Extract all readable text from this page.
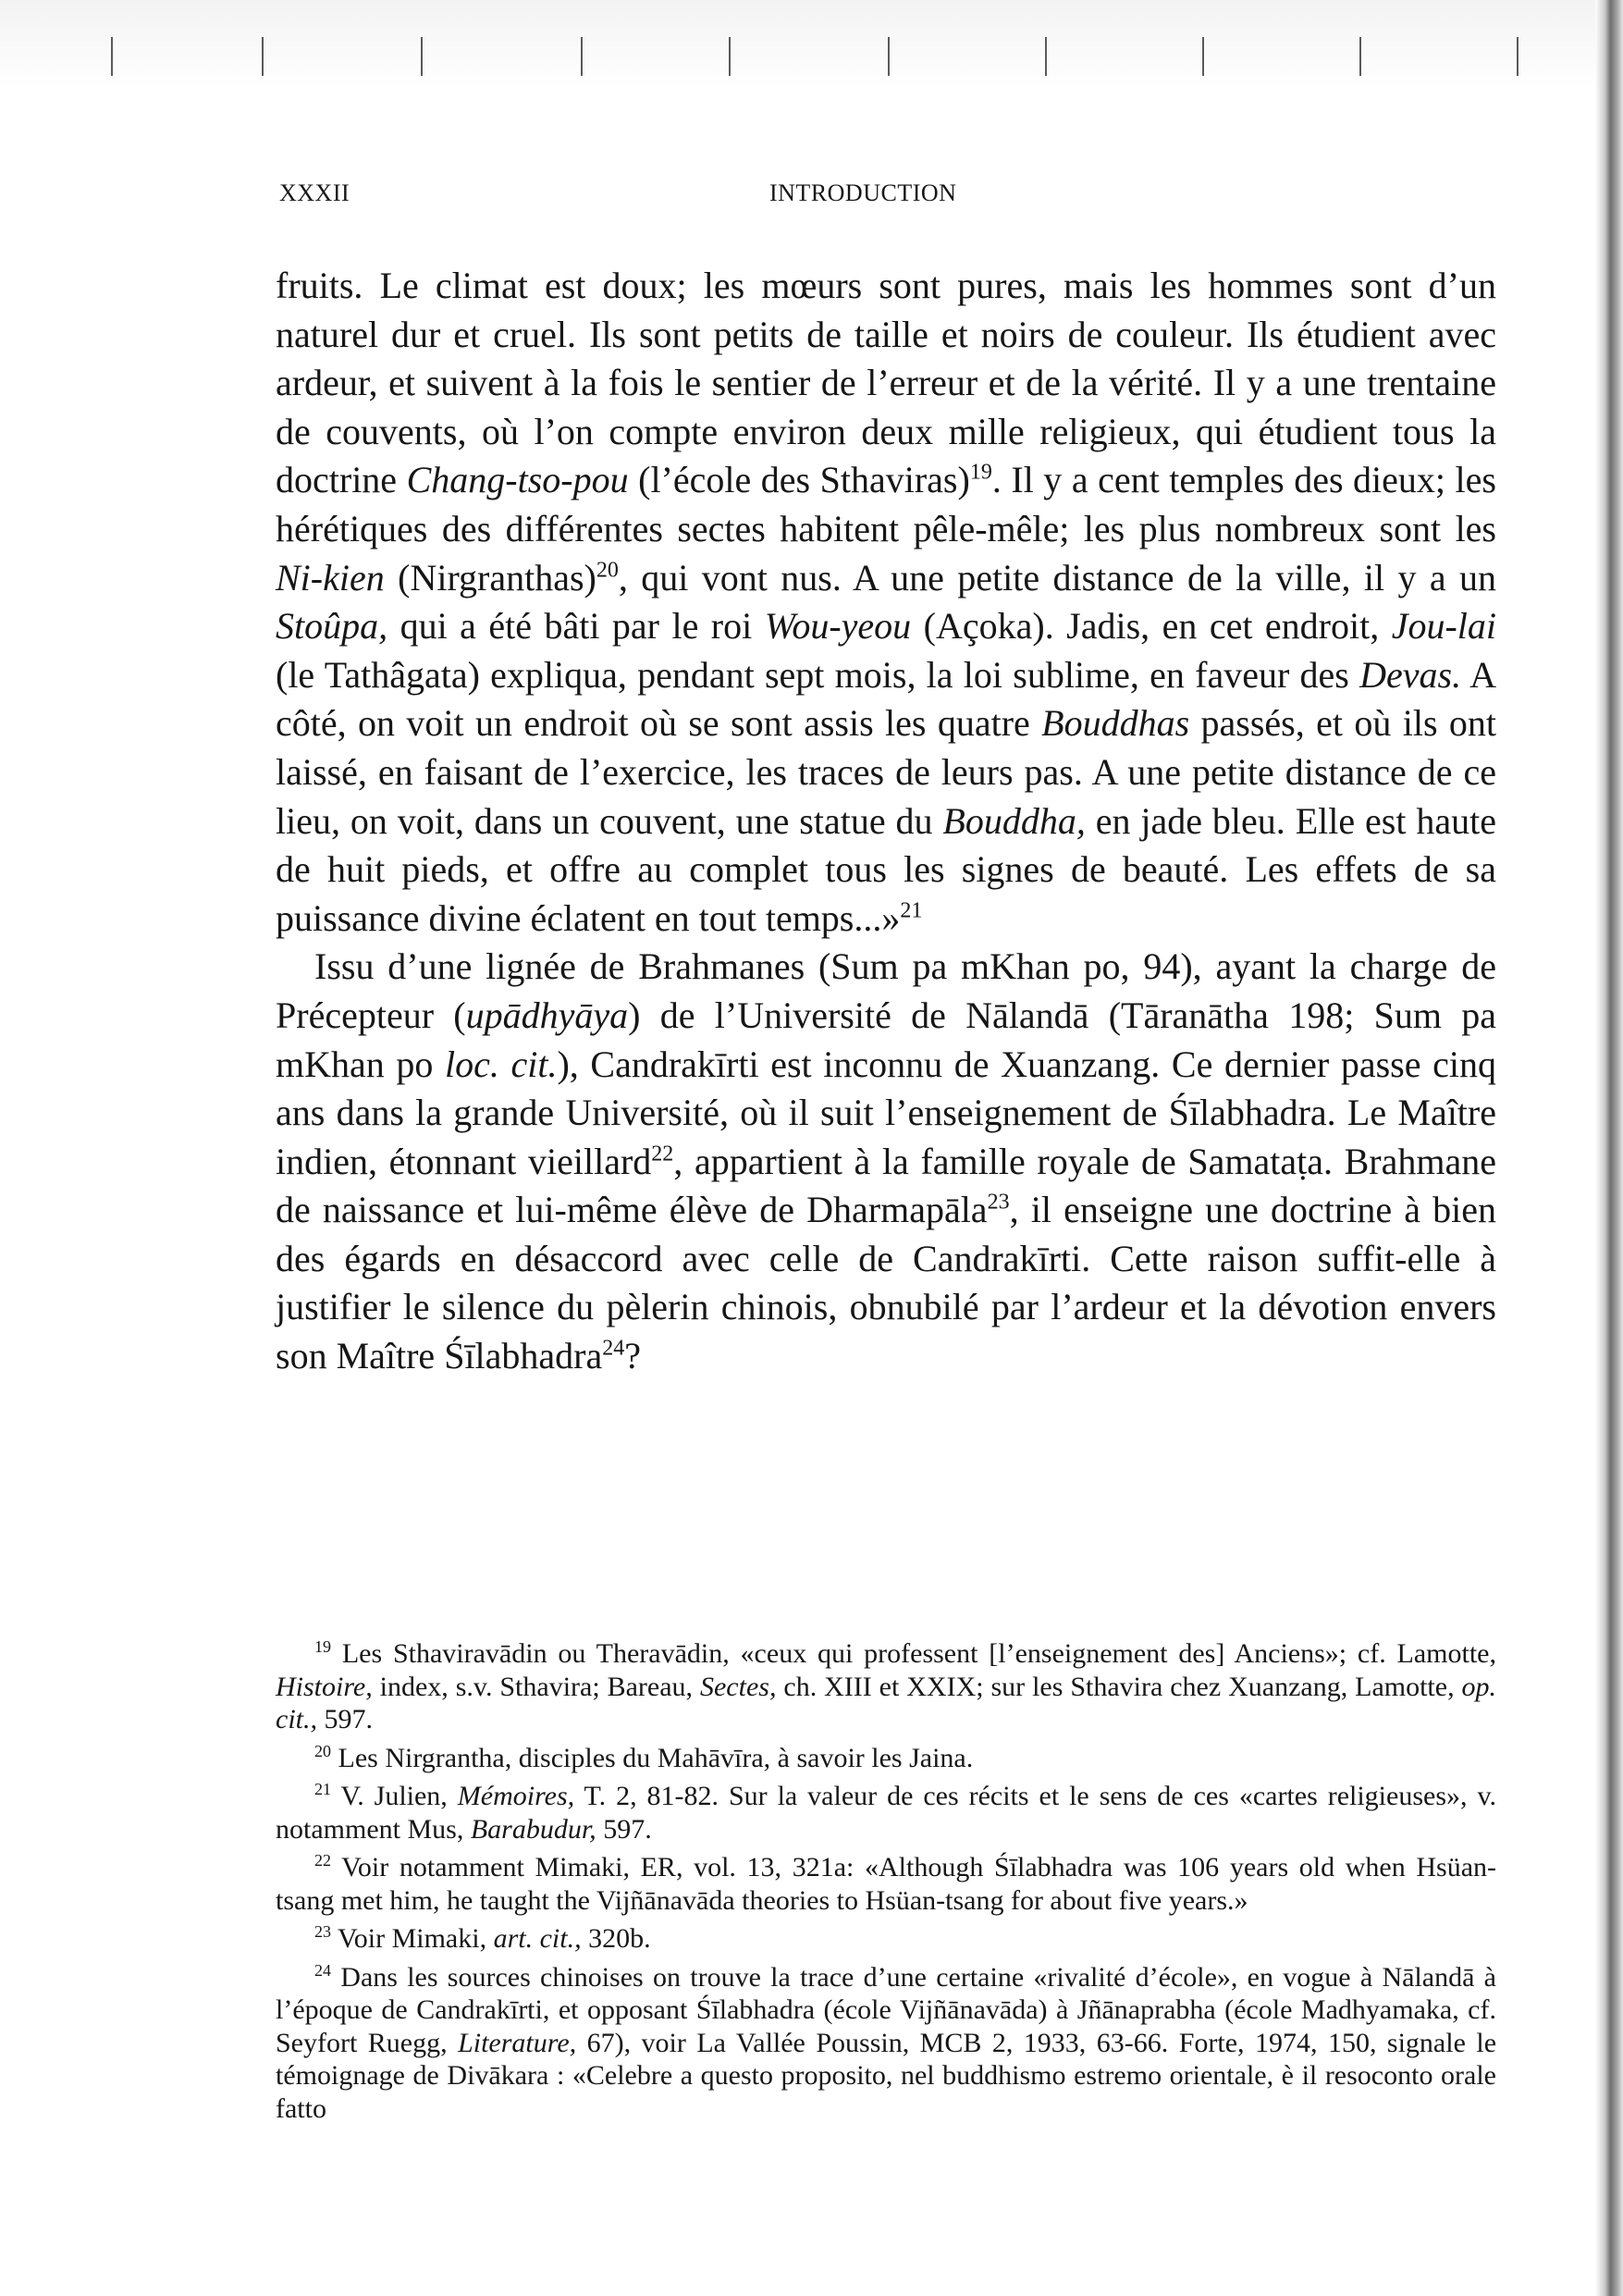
XXXII	INTRODUCTION

fruits. Le climat est doux; les mœurs sont pures, mais les hommes sont d’un naturel dur et cruel. Ils sont petits de taille et noirs de couleur. Ils étudient avec ardeur, et suivent à la fois le sentier de l’erreur et de la vérité. Il y a une trentaine de couvents, où l’on compte environ deux mille religieux, qui étudient tous la doctrine Chang-tso-pou (l’école des Sthaviras)$^{19}$. Il y a cent temples des dieux; les hérétiques des différentes sectes habitent pêle-mêle; les plus nombreux sont les Ni-kien (Nirgranthas)$^{20}$, qui vont nus. A une petite distance de la ville, il y a un Stoûpa, qui a été bâti par le roi Wou-yeou (Açoka). Jadis, en cet endroit, Jou-lai (le Tathâgata) expliqua, pendant sept mois, la loi sublime, en faveur des Devas. A côté, on voit un endroit où se sont assis les quatre Bouddhas passés, et où ils ont laissé, en faisant de l’exercice, les traces de leurs pas. A une petite distance de ce lieu, on voit, dans un couvent, une statue du Bouddha, en jade bleu. Elle est haute de huit pieds, et offre au complet tous les signes de beauté. Les effets de sa puissance divine éclatent en tout temps...»$^{21}$

Issu d’une lignée de Brahmanes (Sum pa mKhan po, 94), ayant la charge de Précepteur (upādhyāya) de l’Université de Nālandā (Tāranātha 198; Sum pa mKhan po loc. cit.), Candrakīrti est inconnu de Xuanzang. Ce dernier passe cinq ans dans la grande Université, où il suit l’enseignement de Śīlabhadra. Le Maître indien, étonnant vieillard$^{22}$, appartient à la famille royale de Samataṭa. Brahmane de naissance et lui-même élève de Dharmapāla$^{23}$, il enseigne une doctrine à bien des égards en désaccord avec celle de Candrakīrti. Cette raison suffit-elle à justifier le silence du pèlerin chinois, obnubilé par l’ardeur et la dévotion envers son Maître Śīlabhadra$^{24}$?

$^{19}$ Les Sthaviravādin ou Theravādin, «ceux qui professent [l’enseignement des] Anciens»; cf. Lamotte, Histoire, index, s.v. Sthavira; Bareau, Sectes, ch. XIII et XXIX; sur les Sthavira chez Xuanzang, Lamotte, op. cit., 597.

$^{20}$ Les Nirgrantha, disciples du Mahāvīra, à savoir les Jaina.

$^{21}$ V. Julien, Mémoires, T. 2, 81-82. Sur la valeur de ces récits et le sens de ces «cartes religieuses», v. notamment Mus, Barabudur, 597.

$^{22}$ Voir notamment Mimaki, ER, vol. 13, 321a: «Although Śīlabhadra was 106 years old when Hsüan-tsang met him, he taught the Vijñānavāda theories to Hsüan-tsang for about five years.»

$^{23}$ Voir Mimaki, art. cit., 320b.

$^{24}$ Dans les sources chinoises on trouve la trace d’une certaine «rivalité d’école», en vogue à Nālandā à l’époque de Candrakīrti, et opposant Śīlabhadra (école Vijñānavāda) à Jñānaprabha (école Madhyamaka, cf. Seyfort Ruegg, Literature, 67), voir La Vallée Poussin, MCB 2, 1933, 63-66. Forte, 1974, 150, signale le témoignage de Divākara : «Celebre a questo proposito, nel buddhismo estremo orientale, è il resoconto orale fatto
